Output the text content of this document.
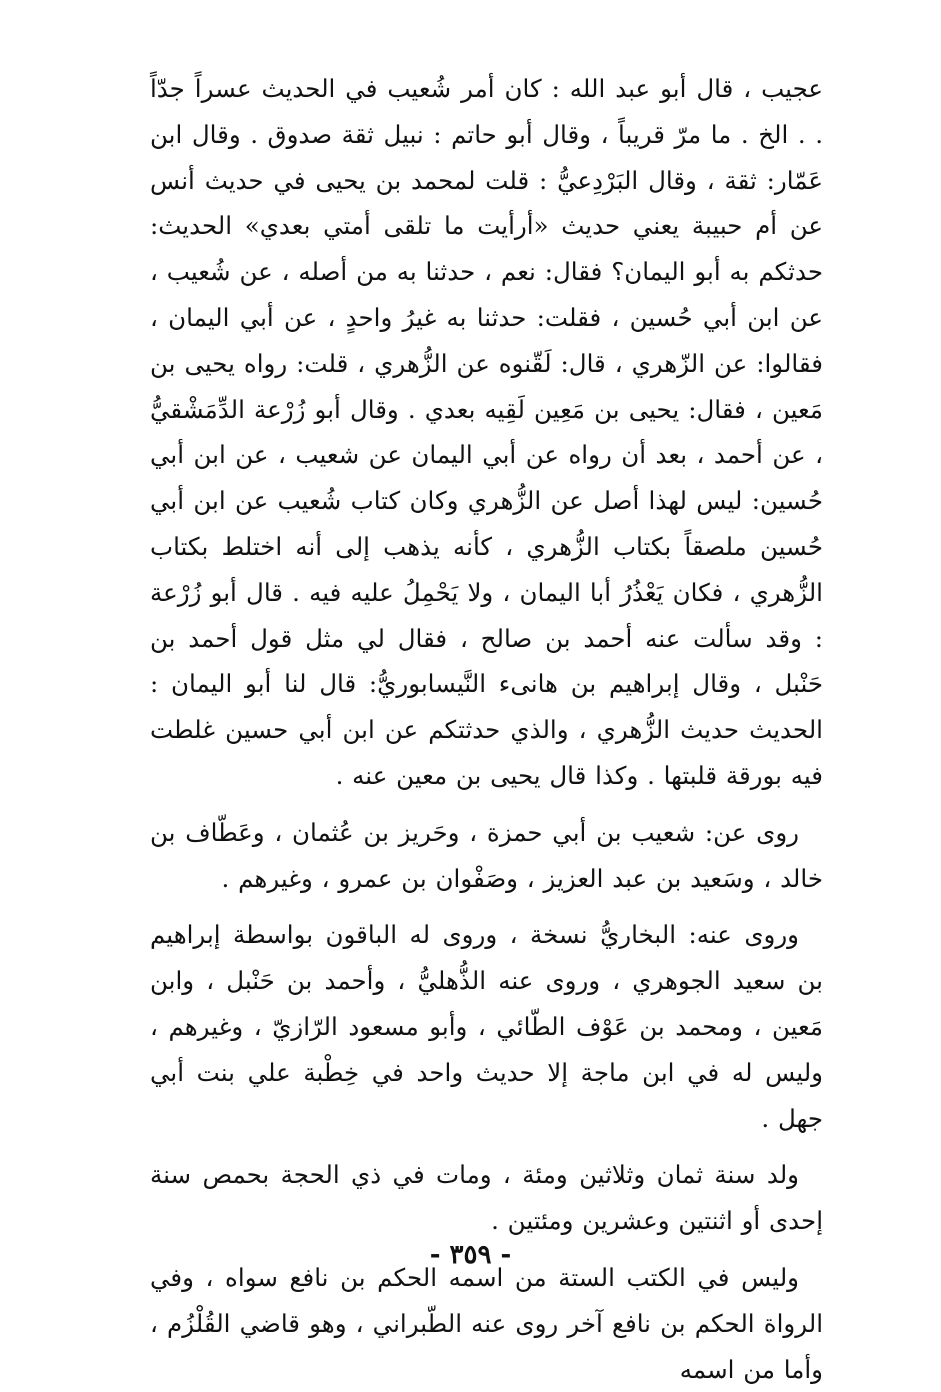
عجيب ، قال أبو عبد الله : كان أمر شُعيب في الحديث عسراً جدّاً . . الخ . ما مرّ قريباً ، وقال أبو حاتم : نبيل ثقة صدوق . وقال ابن عَمّار: ثقة ، وقال البَرْدِعيُّ : قلت لمحمد بن يحيى في حديث أنس عن أم حبيبة يعني حديث «أرأيت ما تلقى أمتي بعدي» الحديث: حدثكم به أبو اليمان؟ فقال: نعم ، حدثنا به من أصله ، عن شُعيب ، عن ابن أبي حُسين ، فقلت: حدثنا به غيرُ واحدٍ ، عن أبي اليمان ، فقالوا: عن الزّهري ، قال: لَقّنوه عن الزُّهري ، قلت: رواه يحيى بن مَعين ، فقال: يحيى بن مَعِين لَقِيه بعدي . وقال أبو زُرْعة الدِّمَشْقيُّ ، عن أحمد ، بعد أن رواه عن أبي اليمان عن شعيب ، عن ابن أبي حُسين: ليس لهذا أصل عن الزُّهري وكان كتاب شُعيب عن ابن أبي حُسين ملصقاً بكتاب الزُّهري ، كأنه يذهب إلى أنه اختلط بكتاب الزُّهري ، فكان يَعْذُرُ أبا اليمان ، ولا يَحْمِلُ عليه فيه . قال أبو زُرْعة : وقد سألت عنه أحمد بن صالح ، فقال لي مثل قول أحمد بن حَنْبل ، وقال إبراهيم بن هانىء النَّيسابوريُّ: قال لنا أبو اليمان : الحديث حديث الزُّهري ، والذي حدثتكم عن ابن أبي حسين غلطت فيه بورقة قلبتها . وكذا قال يحيى بن معين عنه .

روى عن: شعيب بن أبي حمزة ، وحَريز بن عُثمان ، وعَطّاف بن خالد ، وسَعيد بن عبد العزيز ، وصَفْوان بن عمرو ، وغيرهم .

وروى عنه: البخاريُّ نسخة ، وروى له الباقون بواسطة إبراهيم بن سعيد الجوهري ، وروى عنه الذُّهليُّ ، وأحمد بن حَنْبل ، وابن مَعين ، ومحمد بن عَوْف الطّائي ، وأبو مسعود الرّازيّ ، وغيرهم ، وليس له في ابن ماجة إلا حديث واحد في خِطْبة علي بنت أبي جهل .

ولد سنة ثمان وثلاثين ومئة ، ومات في ذي الحجة بحمص سنة إحدى أو اثنتين وعشرين ومئتين .

وليس في الكتب الستة من اسمه الحكم بن نافع سواه ، وفي الرواة الحكم بن نافع آخر روى عنه الطّبراني ، وهو قاضي القُلْزُم ، وأما من اسمه

- ٣٥٩ -
